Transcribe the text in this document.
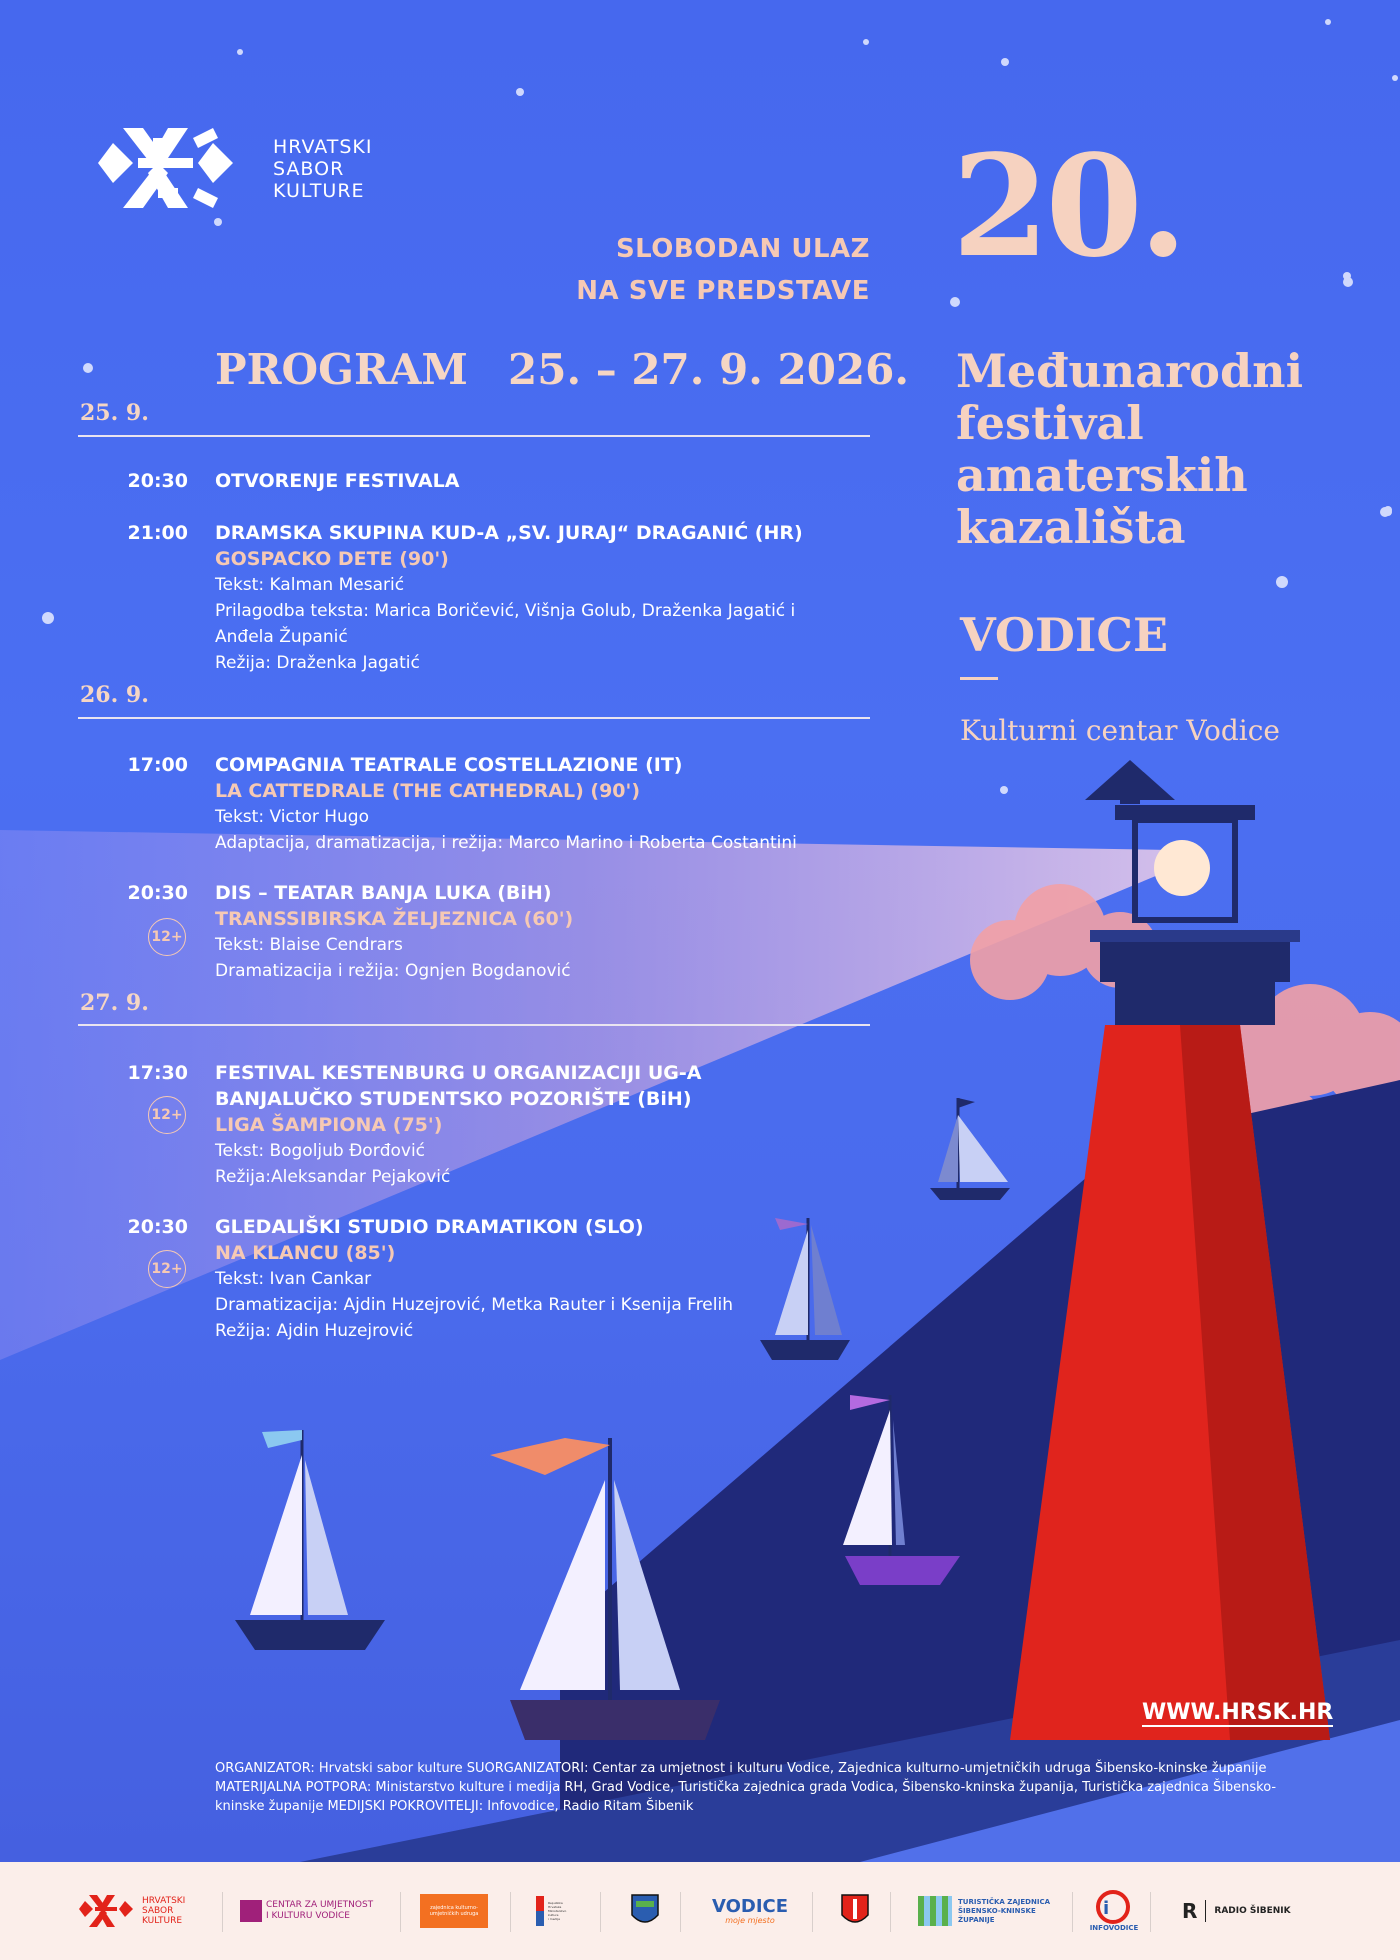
HRVATSKI
SABOR
KULTURE
SLOBODAN ULAZ
NA SVE PREDSTAVE
PROGRAM 25. – 27. 9. 2026.
20.
Međunarodni
festival
amaterskih
kazališta
VODICE
Kulturni centar Vodice
25. 9.
20:30 OTVORENJE FESTIVALA
21:00 DRAMSKA SKUPINA KUD-A „SV. JURAJ“ DRAGANIĆ (HR)
GOSPACKO DETE (90')
Tekst: Kalman Mesarić
Prilagodba teksta: Marica Boričević, Višnja Golub, Draženka Jagatić i
Anđela Županić
Režija: Draženka Jagatić
26. 9.
17:00 COMPAGNIA TEATRALE COSTELLAZIONE (IT)
LA CATTEDRALE (THE CATHEDRAL) (90')
Tekst: Victor Hugo
Adaptacija, dramatizacija, i režija: Marco Marino i Roberta Costantini
20:30
12+
DIS – TEATAR BANJA LUKA (BiH)
TRANSSIBIRSKA ŽELJEZNICA (60')
Tekst: Blaise Cendrars
Dramatizacija i režija: Ognjen Bogdanović
27. 9.
17:30
12+
FESTIVAL KESTENBURG U ORGANIZACIJI UG-A
BANJALUČKO STUDENTSKO POZORIŠTE (BiH)
LIGA ŠAMPIONA (75')
Tekst: Bogoljub Đorđović
Režija:Aleksandar Pejaković
20:30
12+
GLEDALIŠKI STUDIO DRAMATIKON (SLO)
NA KLANCU (85')
Tekst: Ivan Cankar
Dramatizacija: Ajdin Huzejrović, Metka Rauter i Ksenija Frelih
Režija: Ajdin Huzejrović
WWW.HRSK.HR
ORGANIZATOR: Hrvatski sabor kulture SUORGANIZATORI: Centar za umjetnost i kulturu Vodice, Zajednica kulturno-umjetničkih udruga Šibensko-kninske županije
MATERIJALNA POTPORA: Ministarstvo kulture i medija RH, Grad Vodice, Turistička zajednica grada Vodica, Šibensko-kninska županija, Turistička zajednica Šibensko-
kninske županije MEDIJSKI POKROVITELJI: Infovodice, Radio Ritam Šibenik
HRVATSKI
SABOR
KULTURE
CENTAR ZA UMJETNOST
I KULTURU VODICE
zajednica kulturno-umjetničkih udruga
Republika
Hrvatska
Ministarstvo
kulture
i medija
VODICE
moje mjesto
TURISTIČKA ZAJEDNICA
ŠIBENSKO-KNINSKE
ŽUPANIJE
i
INFOVODICE
R RADIO ŠIBENIK
